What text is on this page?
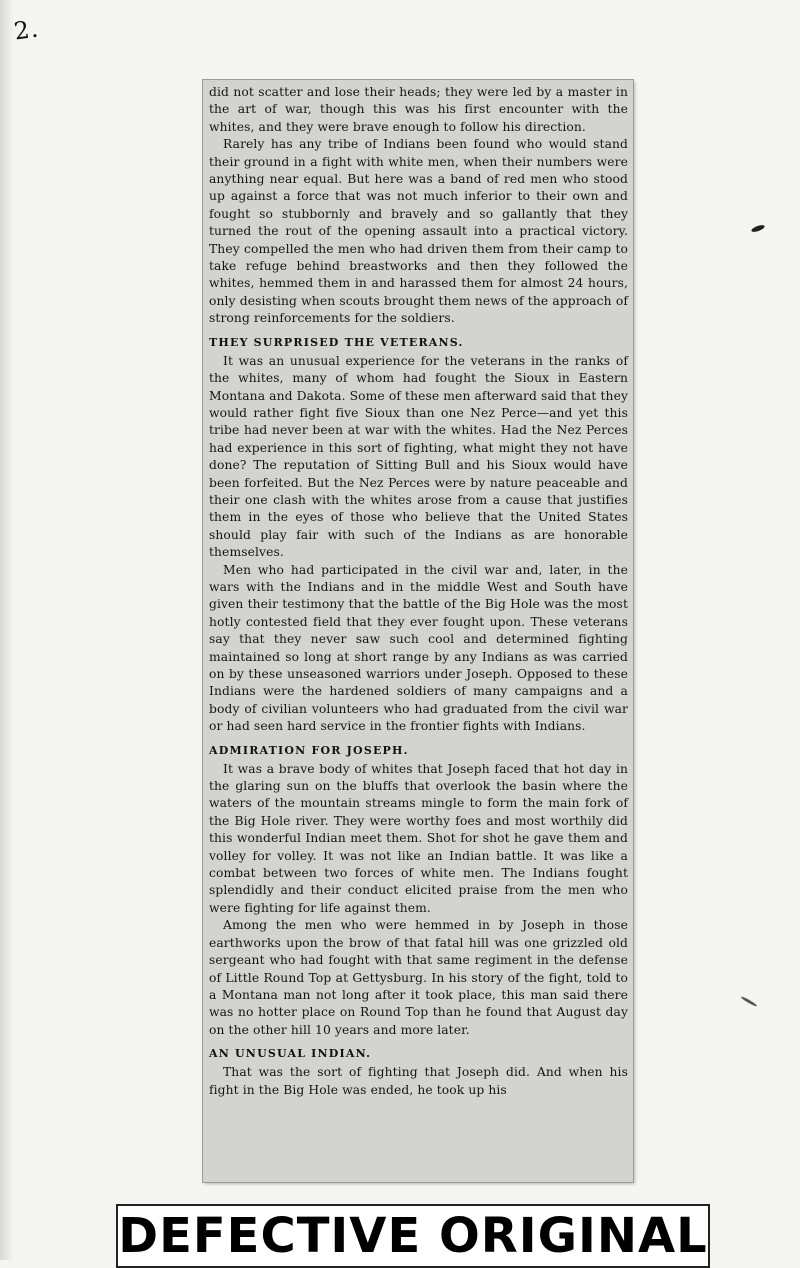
2.

did not scatter and lose their heads; they were led by a master in the art of war, though this was his first encounter with the whites, and they were brave enough to follow his direction.

Rarely has any tribe of Indians been found who would stand their ground in a fight with white men, when their numbers were anything near equal. But here was a band of red men who stood up against a force that was not much inferior to their own and fought so stubbornly and bravely and so gallantly that they turned the rout of the opening assault into a practical victory. They compelled the men who had driven them from their camp to take refuge behind breastworks and then they followed the whites, hemmed them in and harassed them for almost 24 hours, only desisting when scouts brought them news of the approach of strong reinforcements for the soldiers.

THEY SURPRISED THE VETERANS.

It was an unusual experience for the veterans in the ranks of the whites, many of whom had fought the Sioux in Eastern Montana and Dakota. Some of these men afterward said that they would rather fight five Sioux than one Nez Perce—and yet this tribe had never been at war with the whites. Had the Nez Perces had experience in this sort of fighting, what might they not have done? The reputation of Sitting Bull and his Sioux would have been forfeited. But the Nez Perces were by nature peaceable and their one clash with the whites arose from a cause that justifies them in the eyes of those who believe that the United States should play fair with such of the Indians as are honorable themselves.

Men who had participated in the civil war and, later, in the wars with the Indians and in the middle West and South have given their testimony that the battle of the Big Hole was the most hotly contested field that they ever fought upon. These veterans say that they never saw such cool and determined fighting maintained so long at short range by any Indians as was carried on by these unseasoned warriors under Joseph. Opposed to these Indians were the hardened soldiers of many campaigns and a body of civilian volunteers who had graduated from the civil war or had seen hard service in the frontier fights with Indians.

ADMIRATION FOR JOSEPH.

It was a brave body of whites that Joseph faced that hot day in the glaring sun on the bluffs that overlook the basin where the waters of the mountain streams mingle to form the main fork of the Big Hole river. They were worthy foes and most worthily did this wonderful Indian meet them. Shot for shot he gave them and volley for volley. It was not like an Indian battle. It was like a combat between two forces of white men. The Indians fought splendidly and their conduct elicited praise from the men who were fighting for life against them.

Among the men who were hemmed in by Joseph in those earthworks upon the brow of that fatal hill was one grizzled old sergeant who had fought with that same regiment in the defense of Little Round Top at Gettysburg. In his story of the fight, told to a Montana man not long after it took place, this man said there was no hotter place on Round Top than he found that August day on the other hill 10 years and more later.

AN UNUSUAL INDIAN.

That was the sort of fighting that Joseph did. And when his fight in the Big Hole was ended, he took up his

DEFECTIVE ORIGINAL
